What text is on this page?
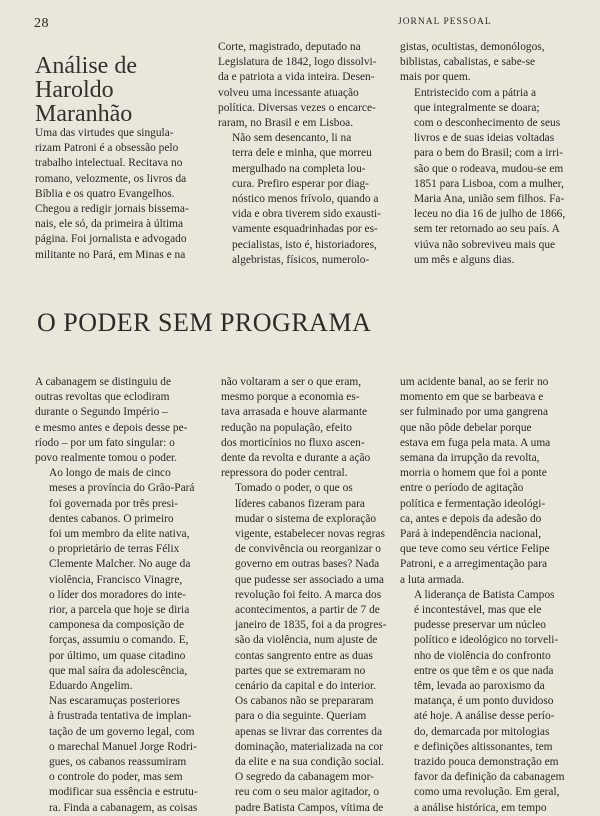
28	JORNAL PESSOAL
Análise de
Haroldo
Maranhão

Uma das virtudes que singula-
rizam Patroni é a obsessão pelo
trabalho intelectual. Recitava no
romano, velozmente, os livros da
Bíblia e os quatro Evangelhos.
Chegou a redigir jornais bissema-
nais, ele só, da primeira à última
página. Foi jornalista e advogado
militante no Pará, em Minas e na

Corte, magistrado, deputado na
Legislatura de 1842, logo dissolvi-
da e patriota a vida inteira. Desen-
volveu uma incessante atuação
política. Diversas vezes o encarce-
raram, no Brasil e em Lisboa.

Não sem desencanto, li na
terra dele e minha, que morreu
mergulhado na completa lou-
cura. Prefiro esperar por diag-
nóstico menos frívolo, quando a
vida e obra tiverem sido exausti-
vamente esquadrinhadas por es-
pecialistas, isto é, historiadores,
algebristas, físicos, numerolo-

gistas, ocultistas, demonólogos,
biblistas, cabalistas, e sabe-se
mais por quem.

Entristecido com a pátria a
que integralmente se doara;
com o desconhecimento de seus
livros e de suas ideias voltadas
para o bem do Brasil; com a irri-
são que o rodeava, mudou-se em
1851 para Lisboa, com a mulher,
Maria Ana, união sem filhos. Fa-
leceu no dia 16 de julho de 1866,
sem ter retornado ao seu país. A
viúva não sobreviveu mais que
um mês e alguns dias.

O PODER SEM PROGRAMA

A cabanagem se distinguiu de
outras revoltas que eclodiram
durante o Segundo Império –
e mesmo antes e depois desse pe-
ríodo – por um fato singular: o
povo realmente tomou o poder.

Ao longo de mais de cinco
meses a província do Grão-Pará
foi governada por três presi-
dentes cabanos. O primeiro
foi um membro da elite nativa,
o proprietário de terras Félix
Clemente Malcher. No auge da
violência, Francisco Vinagre,
o líder dos moradores do inte-
rior, a parcela que hoje se diria
camponesa da composição de
forças, assumiu o comando. E,
por último, um quase citadino
que mal saíra da adolescência,
Eduardo Angelim.

Nas escaramuças posteriores
à frustrada tentativa de implan-
tação de um governo legal, com
o marechal Manuel Jorge Rodri-
gues, os cabanos reassumiram
o controle do poder, mas sem
modificar sua essência e estrutu-
ra. Finda a cabanagem, as coisas

não voltaram a ser o que eram,
mesmo porque a economia es-
tava arrasada e houve alarmante
redução na população, efeito
dos morticínios no fluxo ascen-
dente da revolta e durante a ação
repressora do poder central.

Tomado o poder, o que os
líderes cabanos fizeram para
mudar o sistema de exploração
vigente, estabelecer novas regras
de convivência ou reorganizar o
governo em outras bases? Nada
que pudesse ser associado a uma
revolução foi feito. A marca dos
acontecimentos, a partir de 7 de
janeiro de 1835, foi a da progres-
são da violência, num ajuste de
contas sangrento entre as duas
partes que se extremaram no
cenário da capital e do interior.
Os cabanos não se prepararam
para o dia seguinte. Queriam
apenas se livrar das correntes da
dominação, materializada na cor
da elite e na sua condição social.

O segredo da cabanagem mor-
reu com o seu maior agitador, o
padre Batista Campos, vítima de

um acidente banal, ao se ferir no
momento em que se barbeava e
ser fulminado por uma gangrena
que não pôde debelar porque
estava em fuga pela mata. A uma
semana da irrupção da revolta,
morria o homem que foi a ponte
entre o período de agitação
política e fermentação ideológi-
ca, antes e depois da adesão do
Pará à independência nacional,
que teve como seu vértice Felipe
Patroni, e a arregimentação para
a luta armada.

A liderança de Batista Campos
é incontestável, mas que ele
pudesse preservar um núcleo
político e ideológico no torveli-
nho de violência do confronto
entre os que têm e os que nada
têm, levada ao paroxismo da
matança, é um ponto duvidoso
até hoje. A análise desse perío-
do, demarcada por mitologias
e definições altissonantes, tem
trazido pouca demonstração em
favor da definição da cabanagem
como uma revolução. Em geral,
a análise histórica, em tempo
